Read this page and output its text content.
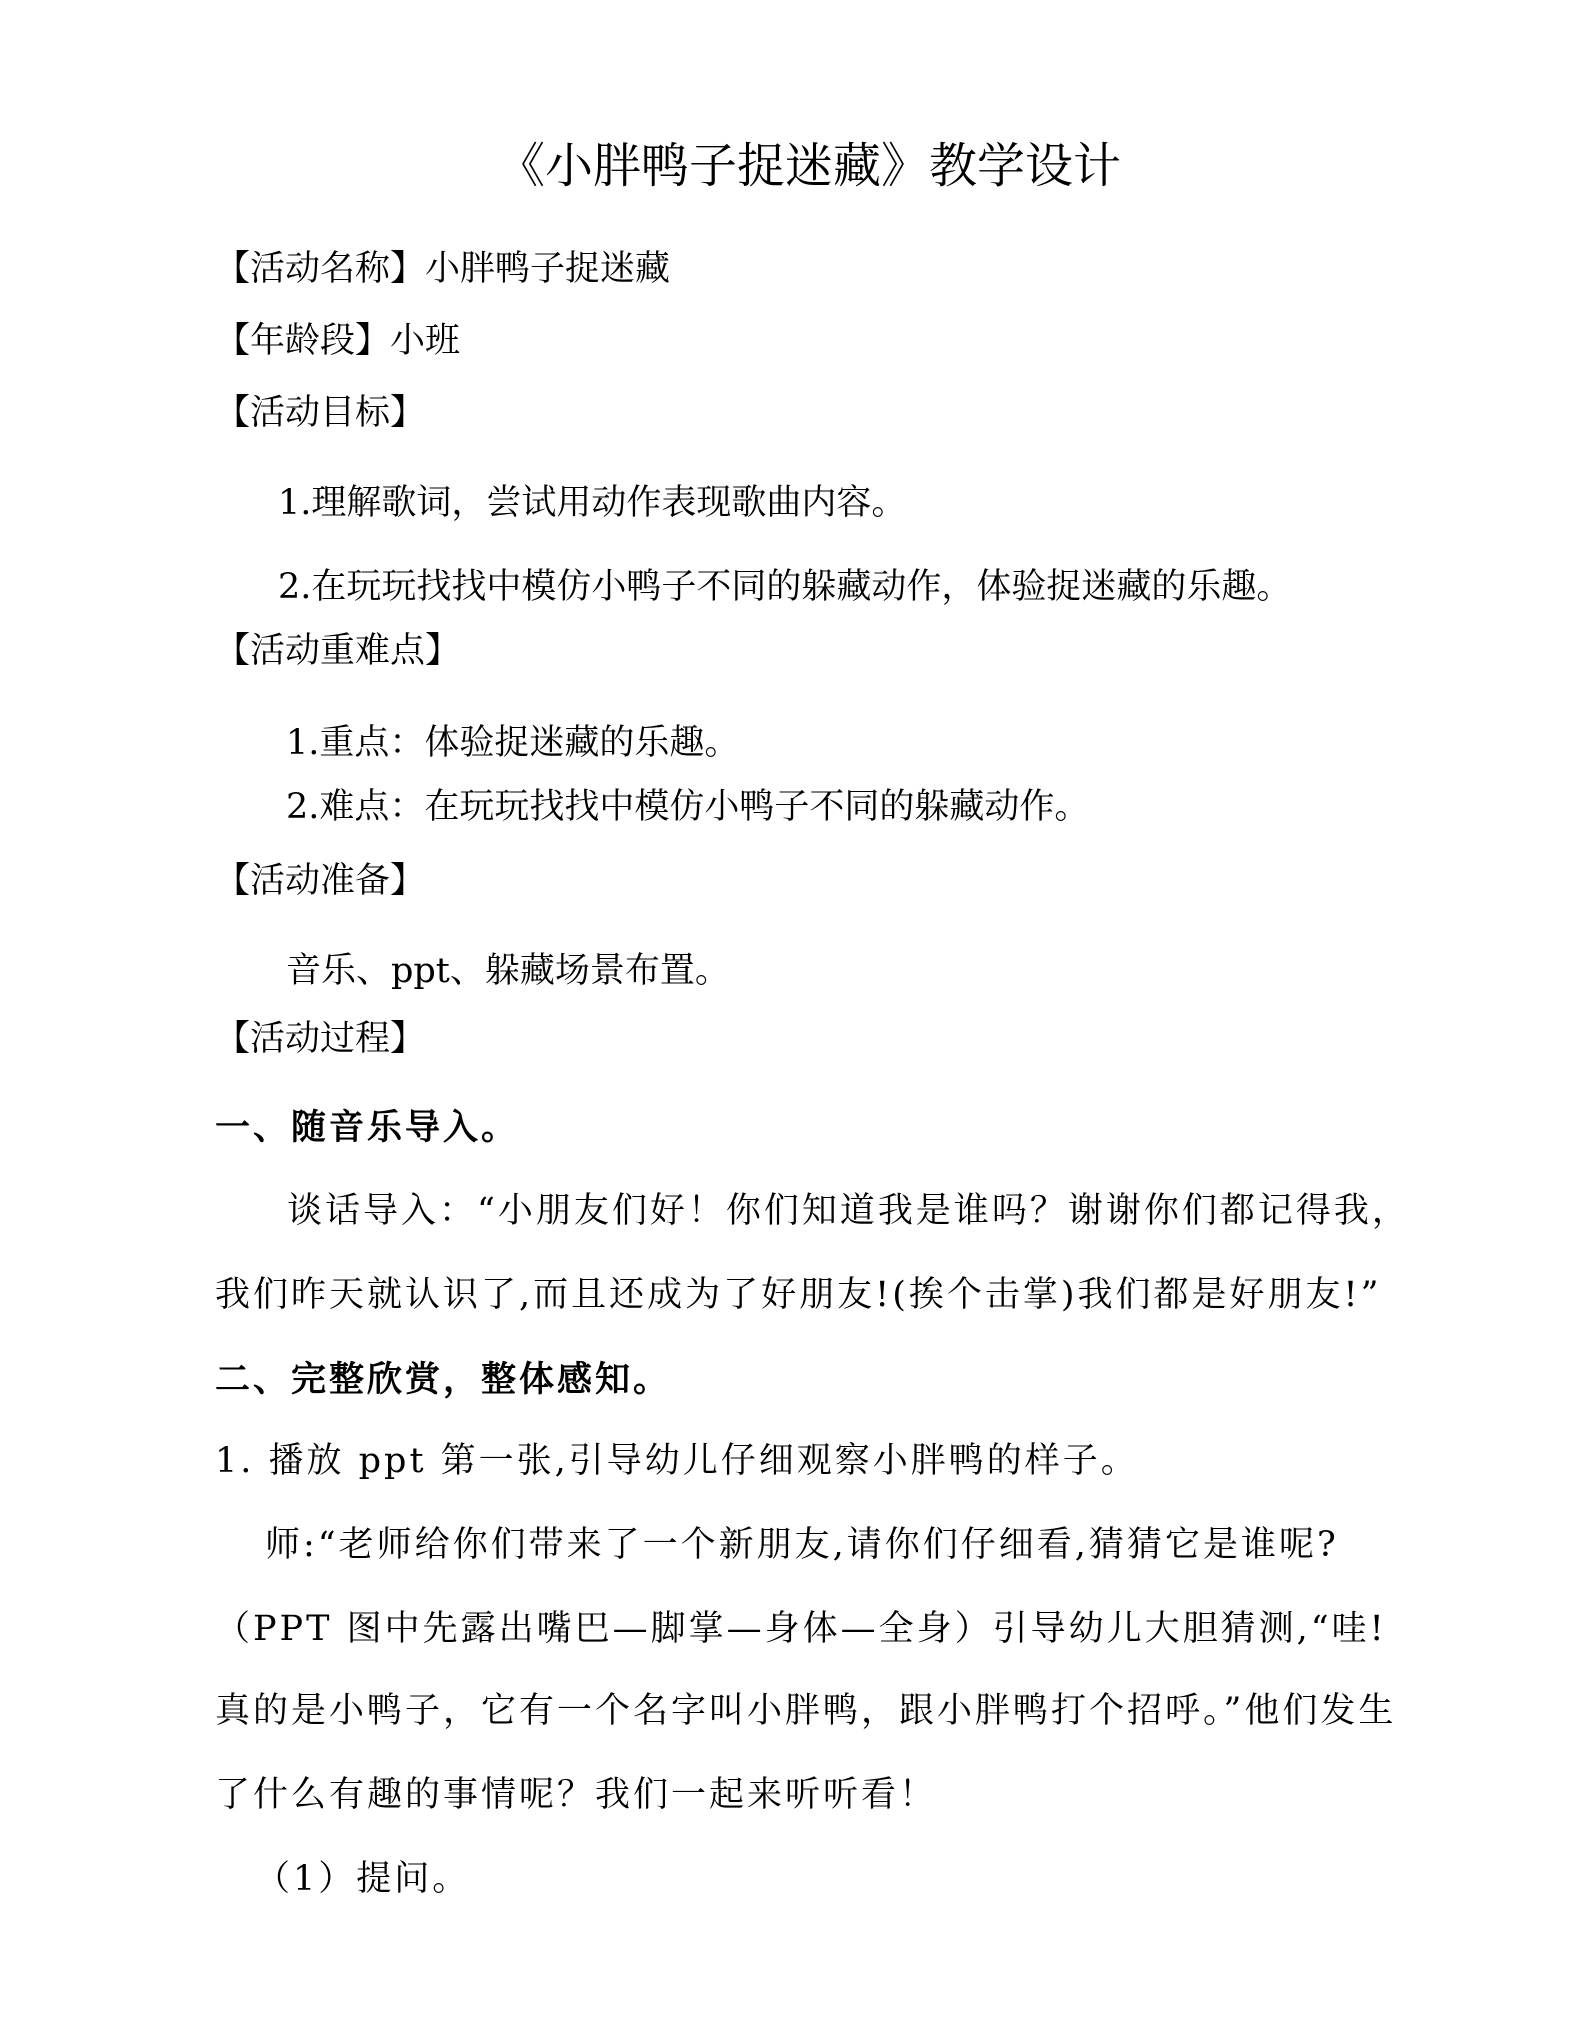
《小胖鸭子捉迷藏》教学设计
【活动名称】小胖鸭子捉迷藏
【年龄段】小班
【活动目标】
1.理解歌词，尝试用动作表现歌曲内容。
2.在玩玩找找中模仿小鸭子不同的躲藏动作，体验捉迷藏的乐趣。
【活动重难点】
1.重点：体验捉迷藏的乐趣。
2.难点：在玩玩找找中模仿小鸭子不同的躲藏动作。
【活动准备】
音乐、ppt、躲藏场景布置。
【活动过程】
一、随音乐导入。
谈话导入：“小朋友们好！你们知道我是谁吗？谢谢你们都记得我，
我们昨天就认识了,而且还成为了好朋友!(挨个击掌)我们都是好朋友!”
二、完整欣赏，整体感知。
1. 播放 ppt 第一张,引导幼儿仔细观察小胖鸭的样子。
师:“老师给你们带来了一个新朋友,请你们仔细看,猜猜它是谁呢?
（PPT 图中先露出嘴巴—脚掌—身体—全身）引导幼儿大胆猜测,“哇!
真的是小鸭子，它有一个名字叫小胖鸭，跟小胖鸭打个招呼。”他们发生
了什么有趣的事情呢？我们一起来听听看！
（1）提问。
